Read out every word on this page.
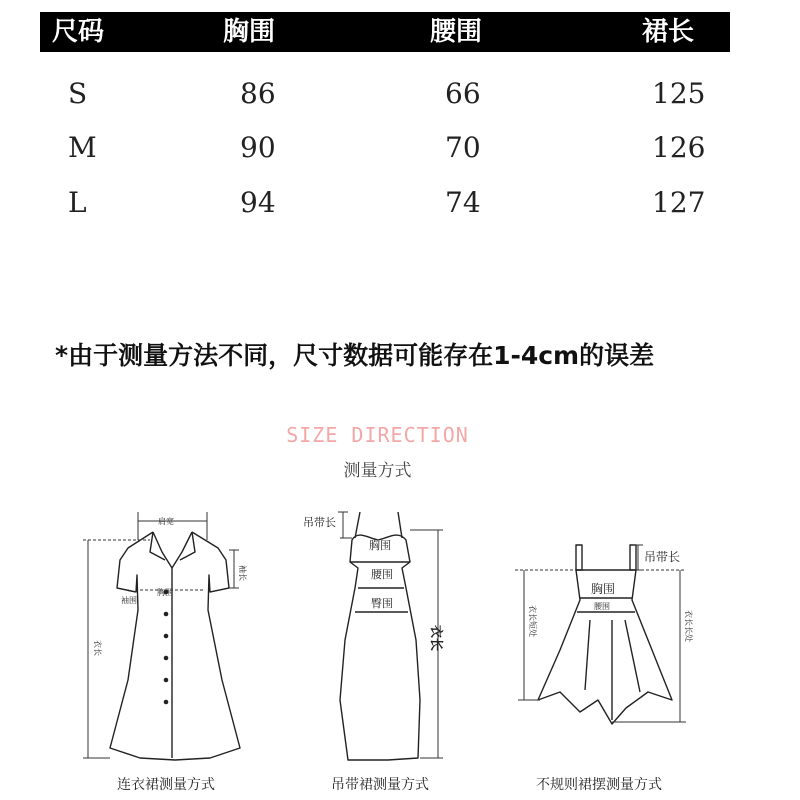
尺码	胸围	腰围	裙长
S	86	66	125
M	90	70	126
L	94	74	127
*由于测量方法不同，尺寸数据可能存在1-4cm的误差
SIZE DIRECTION
测量方式
肩宽
胸围
袖围
袖长
衣长
吊带长
胸围
腰围
臀围
衣长
吊带长
胸围
腰围
衣长短处	衣长长处
连衣裙测量方式	吊带裙测量方式	不规则裙摆测量方式
